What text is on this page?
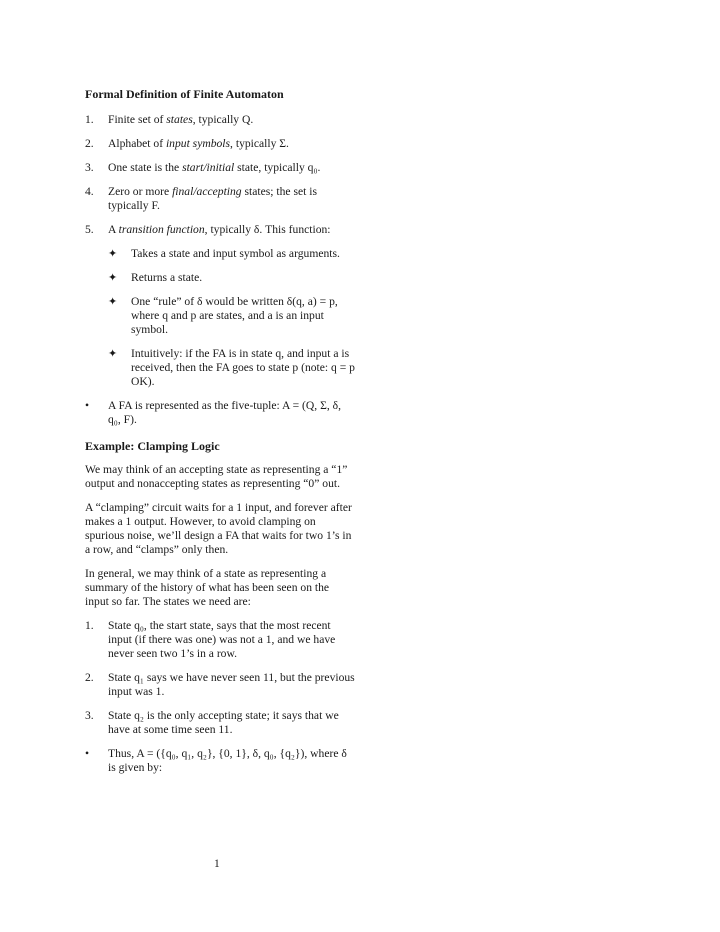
Formal Definition of Finite Automaton
1.	Finite set of states, typically Q.
2.	Alphabet of input symbols, typically Σ.
3.	One state is the start/initial state, typically q₀.
4.	Zero or more final/accepting states; the set is typically F.
5.	A transition function, typically δ. This function:
✦	Takes a state and input symbol as arguments.
✦	Returns a state.
✦	One “rule” of δ would be written δ(q, a) = p, where q and p are states, and a is an input symbol.
✦	Intuitively: if the FA is in state q, and input a is received, then the FA goes to state p (note: q = p OK).
•	A FA is represented as the five-tuple: A = (Q, Σ, δ, q₀, F).
Example: Clamping Logic

We may think of an accepting state as representing a “1” output and nonaccepting states as representing “0” out.

A “clamping” circuit waits for a 1 input, and forever after makes a 1 output. However, to avoid clamping on spurious noise, we’ll design a FA that waits for two 1’s in a row, and “clamps” only then.

In general, we may think of a state as representing a summary of the history of what has been seen on the input so far. The states we need are:

1.	State q₀, the start state, says that the most recent input (if there was one) was not a 1, and we have never seen two 1’s in a row.
2.	State q₁ says we have never seen 11, but the previous input was 1.
3.	State q₂ is the only accepting state; it says that we have at some time seen 11.
•	Thus, A = ({q₀, q₁, q₂}, {0, 1}, δ, q₀, {q₂}), where δ is given by:
1
